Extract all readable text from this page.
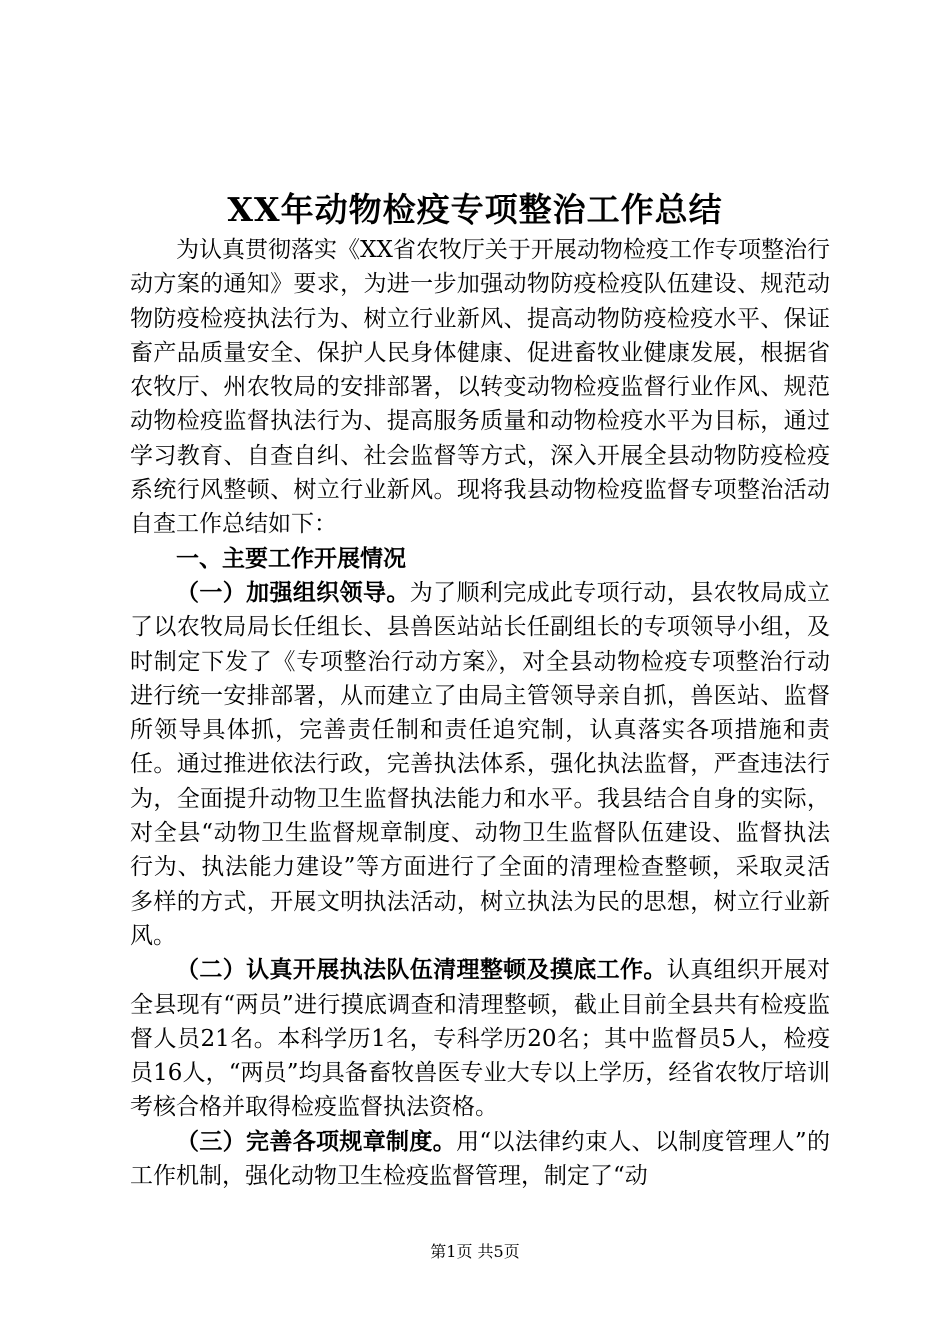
XX年动物检疫专项整治工作总结

为认真贯彻落实《XX省农牧厅关于开展动物检疫工作专项整治行动方案的通知》要求，为进一步加强动物防疫检疫队伍建设、规范动物防疫检疫执法行为、树立行业新风、提高动物防疫检疫水平、保证畜产品质量安全、保护人民身体健康、促进畜牧业健康发展，根据省农牧厅、州农牧局的安排部署，以转变动物检疫监督行业作风、规范动物检疫监督执法行为、提高服务质量和动物检疫水平为目标，通过学习教育、自查自纠、社会监督等方式，深入开展全县动物防疫检疫系统行风整顿、树立行业新风。现将我县动物检疫监督专项整治活动自查工作总结如下：

一、主要工作开展情况

（一）加强组织领导。为了顺利完成此专项行动，县农牧局成立了以农牧局局长任组长、县兽医站站长任副组长的专项领导小组，及时制定下发了《专项整治行动方案》，对全县动物检疫专项整治行动进行统一安排部署，从而建立了由局主管领导亲自抓，兽医站、监督所领导具体抓，完善责任制和责任追究制，认真落实各项措施和责任。通过推进依法行政，完善执法体系，强化执法监督，严查违法行为，全面提升动物卫生监督执法能力和水平。我县结合自身的实际，对全县“动物卫生监督规章制度、动物卫生监督队伍建设、监督执法行为、执法能力建设”等方面进行了全面的清理检查整顿，采取灵活多样的方式，开展文明执法活动，树立执法为民的思想，树立行业新风。

（二）认真开展执法队伍清理整顿及摸底工作。认真组织开展对全县现有“两员”进行摸底调查和清理整顿，截止目前全县共有检疫监督人员21名。本科学历1名，专科学历20名；其中监督员5人，检疫员16人，“两员”均具备畜牧兽医专业大专以上学历，经省农牧厅培训考核合格并取得检疫监督执法资格。

（三）完善各项规章制度。用“以法律约束人、以制度管理人”的工作机制，强化动物卫生检疫监督管理，制定了“动

第1页 共5页
